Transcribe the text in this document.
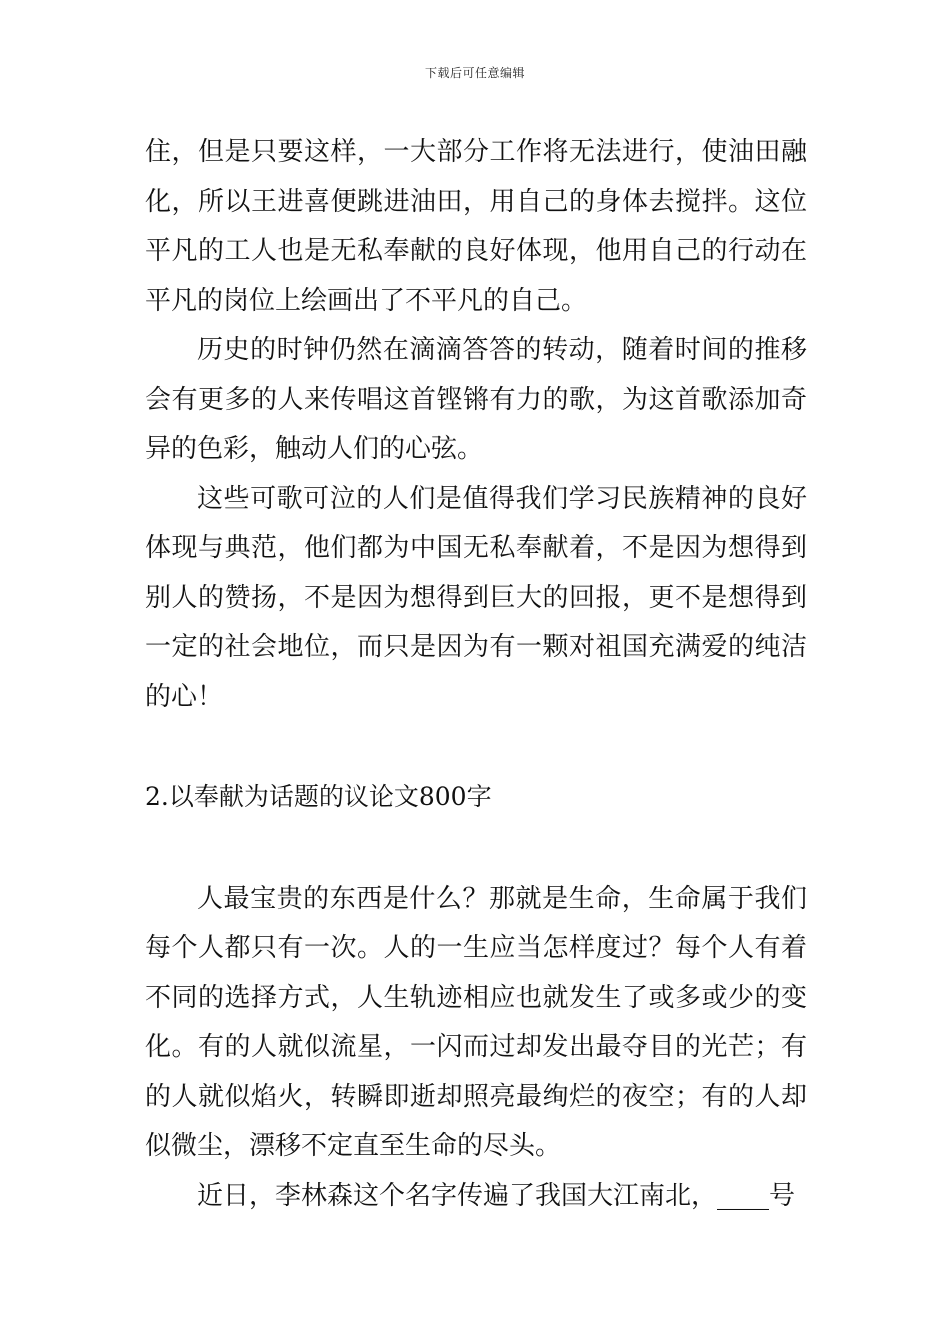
下载后可任意编辑

住，但是只要这样，一大部分工作将无法进行，使油田融化，所以王进喜便跳进油田，用自己的身体去搅拌。这位平凡的工人也是无私奉献的良好体现，他用自己的行动在平凡的岗位上绘画出了不平凡的自己。

历史的时钟仍然在滴滴答答的转动，随着时间的推移会有更多的人来传唱这首铿锵有力的歌，为这首歌添加奇异的色彩，触动人们的心弦。

这些可歌可泣的人们是值得我们学习民族精神的良好体现与典范，他们都为中国无私奉献着，不是因为想得到别人的赞扬，不是因为想得到巨大的回报，更不是想得到一定的社会地位，而只是因为有一颗对祖国充满爱的纯洁的心！

2.以奉献为话题的议论文800字

人最宝贵的东西是什么？那就是生命，生命属于我们每个人都只有一次。人的一生应当怎样度过？每个人有着不同的选择方式，人生轨迹相应也就发生了或多或少的变化。有的人就似流星，一闪而过却发出最夺目的光芒；有的人就似焰火，转瞬即逝却照亮最绚烂的夜空；有的人却似微尘，漂移不定直至生命的尽头。

近日，李林森这个名字传遍了我国大江南北，____号
